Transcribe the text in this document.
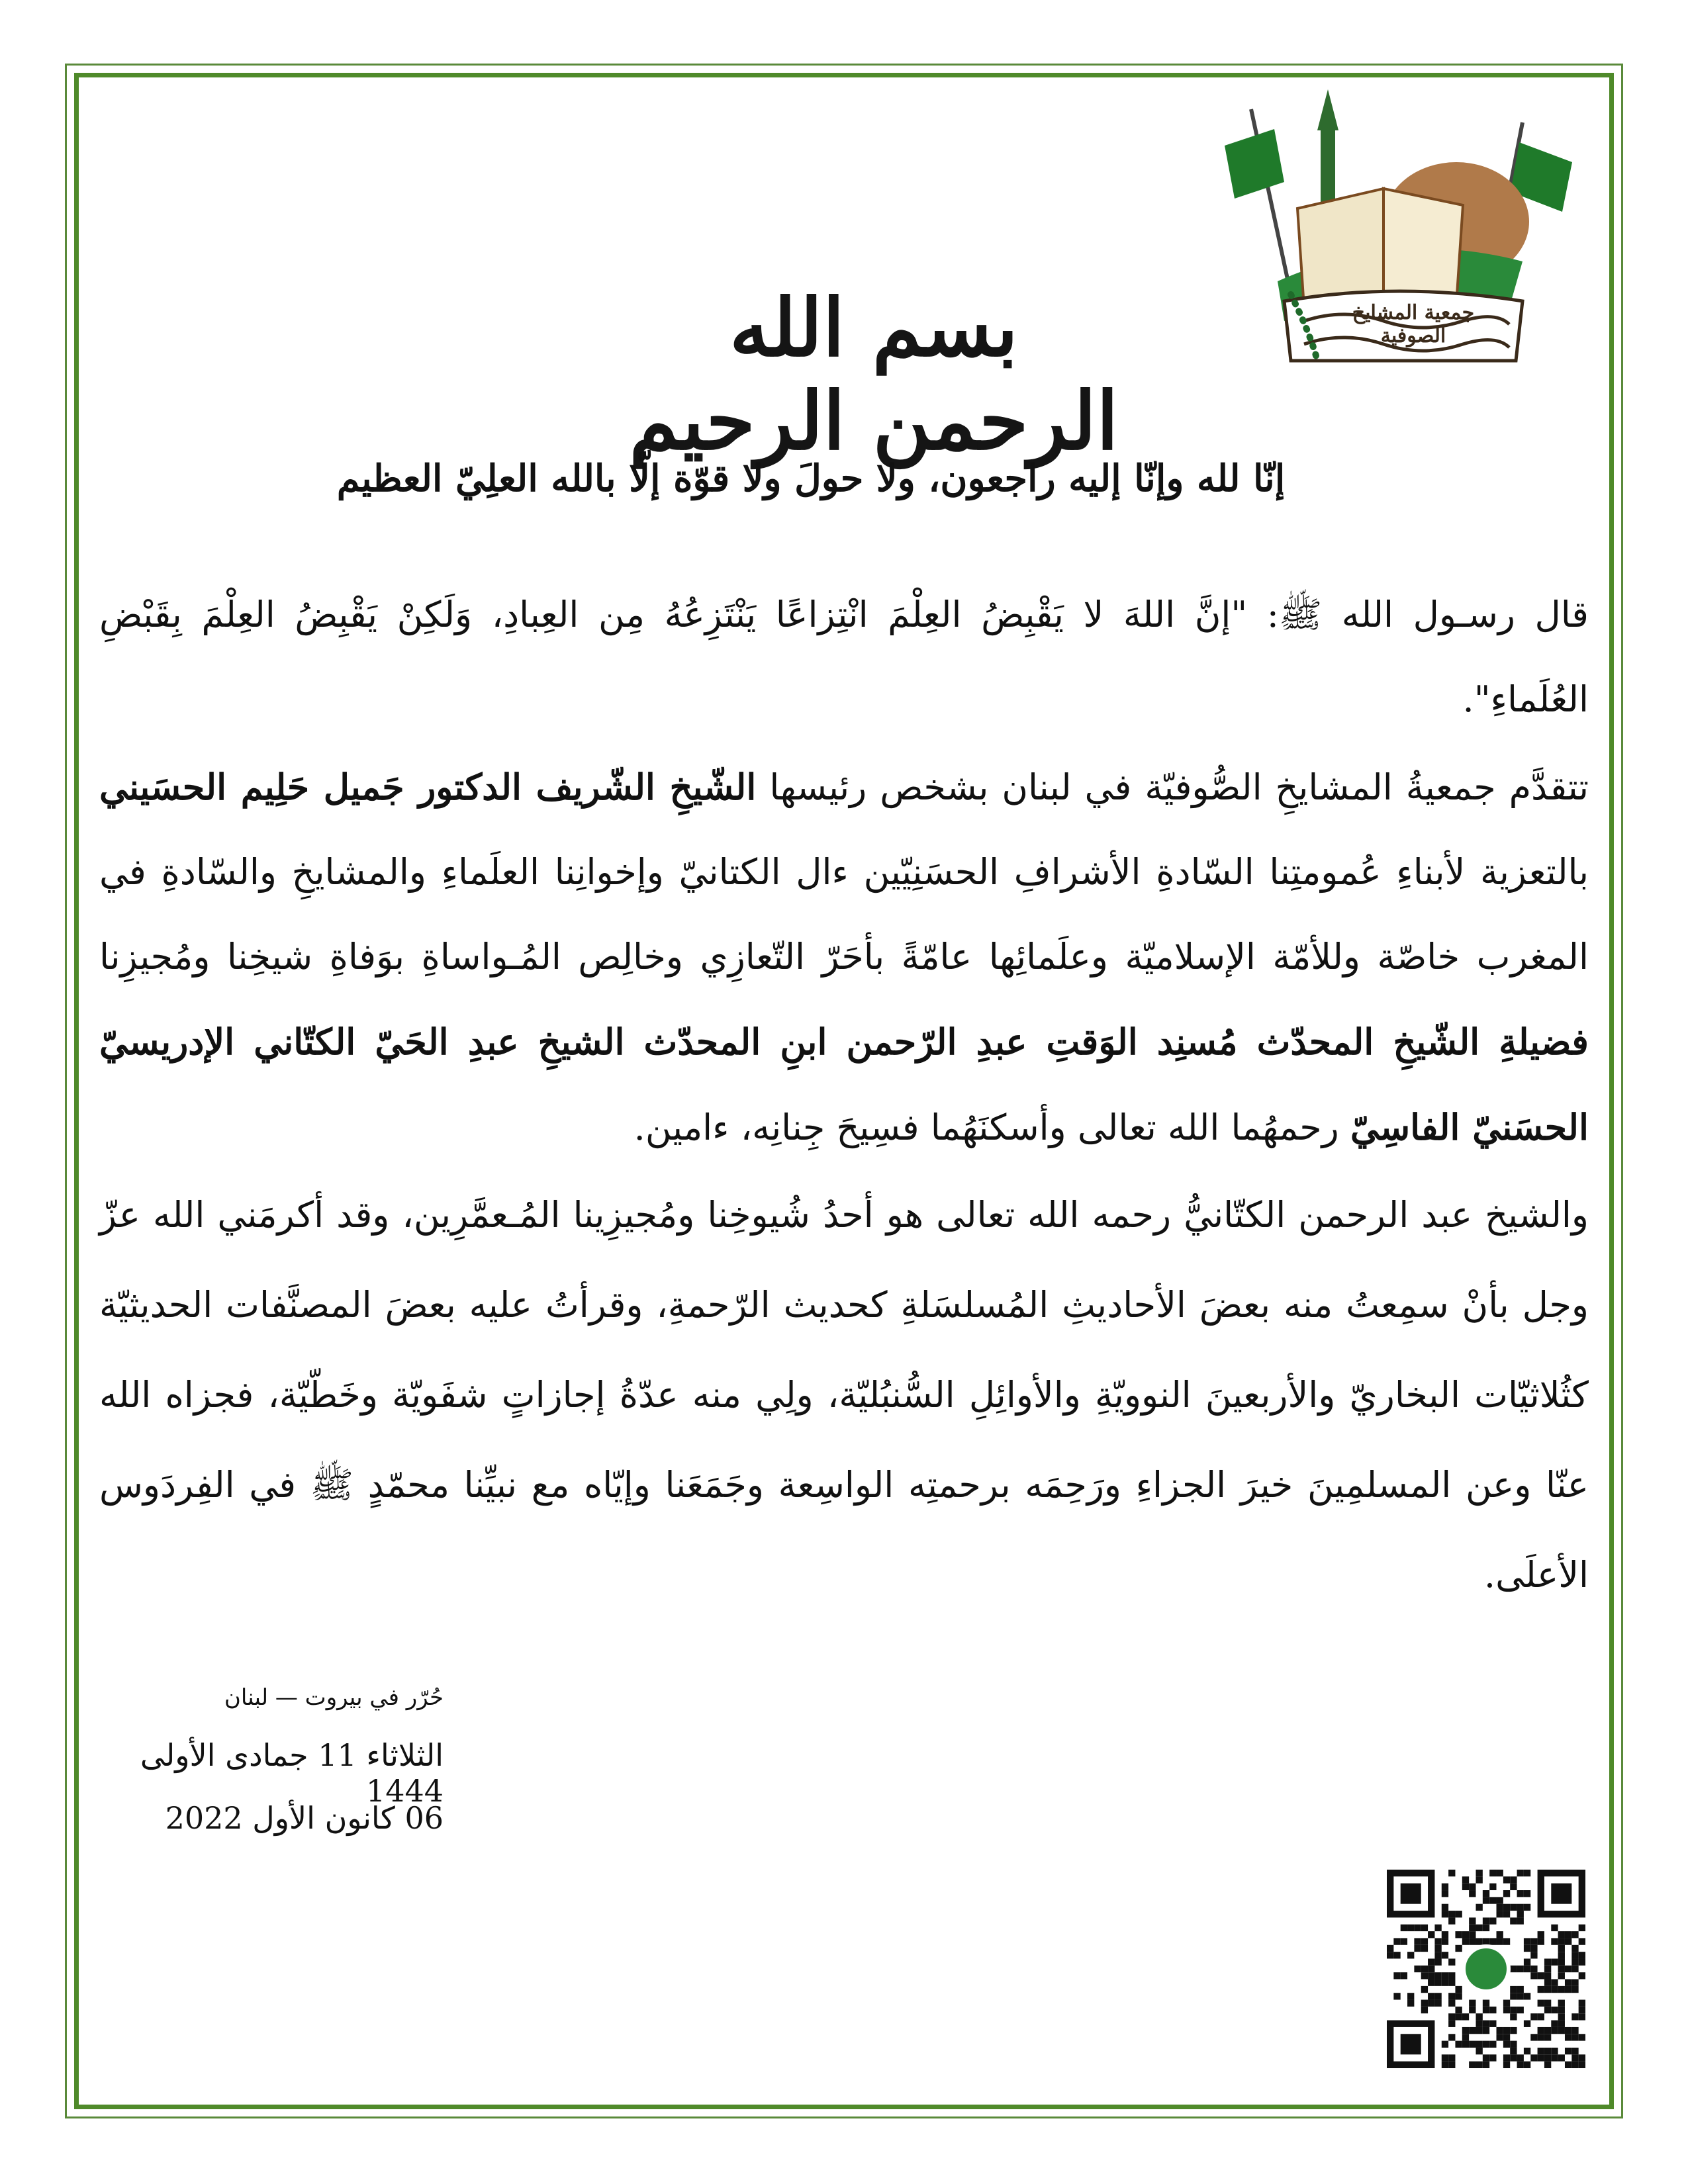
جمعية المشايخ الصوفية
بسم الله الرحمن الرحيم
إنّا لله وإنّا إليه راجعون، ولا حولَ ولا قوّة إلّا بالله العلِيّ العظيم

قال رسـول الله ﷺ: "إنَّ اللهَ لا يَقْبِضُ العِلْمَ انْتِزاعًا يَنْتَزِعُهُ مِن العِبادِ، وَلَكِنْ يَقْبِضُ العِلْمَ بِقَبْضِ العُلَماءِ".

تتقدَّم جمعيةُ المشايخِ الصُّوفيّة في لبنان بشخص رئيسها الشّيخِ الشّريف الدكتور جَميل حَلِيم الحسَيني بالتعزية لأبناءِ عُمومتِنا السّادةِ الأشرافِ الحسَنِيّين ءال الكتانيّ وإخوانِنا العلَماءِ والمشايخِ والسّادةِ في المغرب خاصّة وللأمّة الإسلاميّة وعلَمائِها عامّةً بأحَرّ التّعازِي وخالِص المُـواساةِ بوَفاةِ شيخِنا ومُجيزِنا فضيلةِ الشّيخِ المحدّث مُسنِد الوَقتِ عبدِ الرّحمن ابنِ المحدّث الشيخِ عبدِ الحَيّ الكتّاني الإدريسيّ الحسَنيّ الفاسِيّ رحمهُما الله تعالى وأسكنَهُما فسِيحَ جِنانِه، ءامين.

والشيخ عبد الرحمن الكتّانيُّ رحمه الله تعالى هو أحدُ شُيوخِنا ومُجيزِينا المُـعمَّرِين، وقد أكرمَني الله عزّ وجل بأنْ سمِعتُ منه بعضَ الأحاديثِ المُسلسَلةِ كحديث الرّحمةِ، وقرأتُ عليه بعضَ المصنَّفات الحديثيّة كثُلاثيّات البخاريّ والأربعينَ النوويّةِ والأوائِلِ السُّنبُليّة، ولِي منه عدّةُ إجازاتٍ شفَويّة وخَطّيّة، فجزاه الله عنّا وعن المسلمِينَ خيرَ الجزاءِ ورَحِمَه برحمتِه الواسِعة وجَمَعَنا وإيّاه مع نبيِّنا محمّدٍ ﷺ في الفِردَوس الأعلَى.

حُرّر في بيروت — لبنان
الثلاثاء 11 جمادى الأولى 1444
06 كانون الأول 2022
